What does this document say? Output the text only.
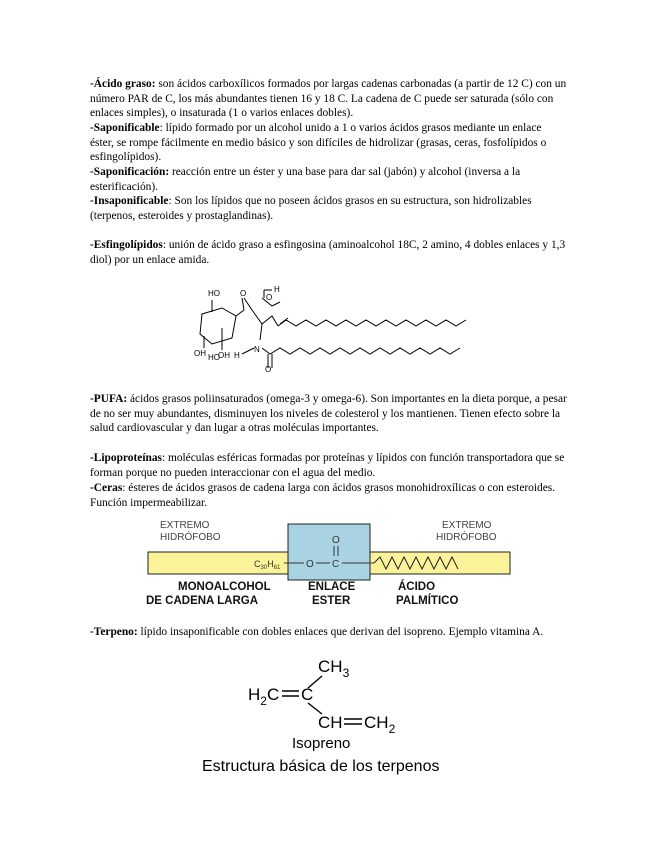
-Ácido graso: son ácidos carboxílicos formados por largas cadenas carbonadas (a partir de 12 C) con un número PAR de C, los más abundantes tienen 16 y 18 C. La cadena de C puede ser saturada (sólo con enlaces simples), o insaturada (1 o varios enlaces dobles).

-Saponificable: lípido formado por un alcohol unido a 1 o varios ácidos grasos mediante un enlace éster, se rompe fácilmente en medio básico y son difíciles de hidrolizar (grasas, ceras, fosfolípidos o esfingolípidos).

-Saponificación: reacción entre un éster y una base para dar sal (jabón) y alcohol (inversa a la esterificación).

-Insaponificable: Son los lípidos que no poseen ácidos grasos en su estructura, son hidrolizables (terpenos, esteroides y prostaglandinas).

-Esfingolípidos: unión de ácido graso a esfingosina (aminoalcohol 18C, 2 amino, 4 dobles enlaces y 1,3 diol) por un enlace amida.

HO
OH HO
OH
O O
H
N
H
O

-PUFA: ácidos grasos poliinsaturados (omega-3 y omega-6). Son importantes en la dieta porque, a pesar de no ser muy abundantes, disminuyen los niveles de colesterol y los mantienen. Tienen efecto sobre la salud cardiovascular y dan lugar a otras moléculas importantes.

-Lipoproteínas: moléculas esféricas formadas por proteínas y lípidos con función transportadora que se forman porque no pueden interaccionar con el agua del medio.

-Ceras: ésteres de ácidos grasos de cadena larga con ácidos grasos monohidroxílicas o con esteroides. Función impermeabilizar.

EXTREMO
HIDRÓFOBO
EXTREMO
HIDRÓFOBO
$C_{30}H_{61}$	O C
O
MONOALCOHOL
DE CADENA LARGA
ENLACE
ESTER
ÁCIDO
PALMÍTICO

-Terpeno: lípido insaponificable con dobles enlaces que derivan del isopreno. Ejemplo vitamina A.

$CH_3$
$H_2C$ C
CH $CH_2$
Isopreno
Estructura básica de los terpenos
